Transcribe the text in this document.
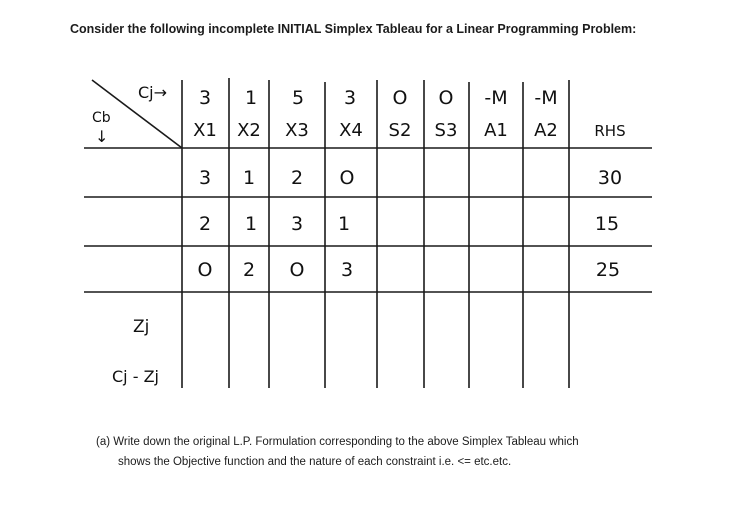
Consider the following incomplete INITIAL Simplex Tableau for a Linear Programming Problem:
Cj→
Cb
↓
3 1 5 3 O O -M -M
X1 X2 X3 X4 S2 S3 A1 A2 RHS
3 1 2 O	30
2 1 3 1	15
O 2 O 3	25
Zj
Cj - Zj
(a) Write down the original L.P. Formulation corresponding to the above Simplex Tableau which
shows the Objective function and the nature of each constraint i.e. <= etc.etc.
